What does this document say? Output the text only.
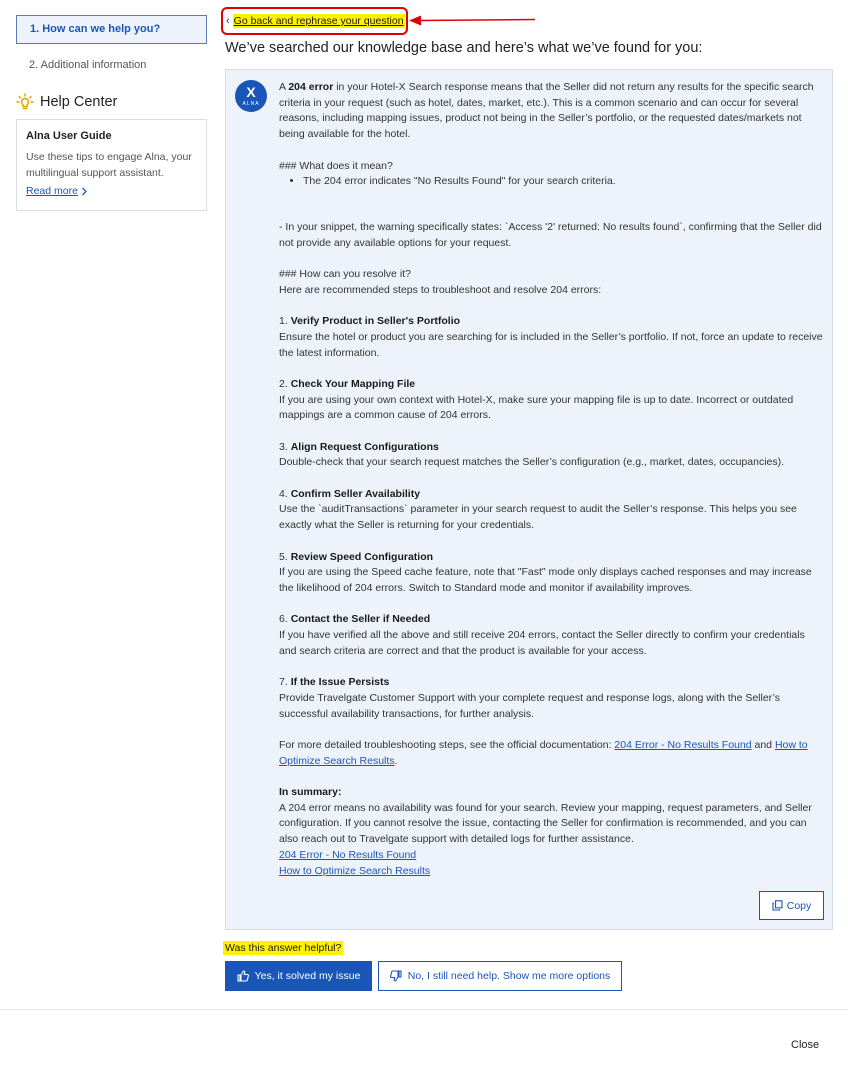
1. How can we help you?
2. Additional information
Help Center
Alna User Guide
Use these tips to engage Alna, your multilingual support assistant.
Read more
‹ Go back and rephrase your question
We’ve searched our knowledge base and here’s what we’ve found for you:
X
ALNA

A 204 error in your Hotel-X Search response means that the Seller did not return any results for the specific search criteria in your request (such as hotel, dates, market, etc.). This is a common scenario and can occur for several reasons, including mapping issues, product not being in the Seller’s portfolio, or the requested dates/markets not being available for the hotel.

### What does it mean?

• The 204 error indicates "No Results Found" for your search criteria.

- In your snippet, the warning specifically states: `Access '2' returned: No results found`, confirming that the Seller did not provide any available options for your request.

### How can you resolve it?

Here are recommended steps to troubleshoot and resolve 204 errors:

1. Verify Product in Seller's Portfolio

Ensure the hotel or product you are searching for is included in the Seller’s portfolio. If not, force an update to receive the latest information.

2. Check Your Mapping File

If you are using your own context with Hotel-X, make sure your mapping file is up to date. Incorrect or outdated mappings are a common cause of 204 errors.

3. Align Request Configurations

Double-check that your search request matches the Seller’s configuration (e.g., market, dates, occupancies).

4. Confirm Seller Availability

Use the `auditTransactions` parameter in your search request to audit the Seller’s response. This helps you see exactly what the Seller is returning for your credentials.

5. Review Speed Configuration

If you are using the Speed cache feature, note that "Fast" mode only displays cached responses and may increase the likelihood of 204 errors. Switch to Standard mode and monitor if availability improves.

6. Contact the Seller if Needed

If you have verified all the above and still receive 204 errors, contact the Seller directly to confirm your credentials and search criteria are correct and that the product is available for your access.

7. If the Issue Persists

Provide Travelgate Customer Support with your complete request and response logs, along with the Seller’s successful availability transactions, for further analysis.

For more detailed troubleshooting steps, see the official documentation: 204 Error - No Results Found and How to Optimize Search Results.

In summary:

A 204 error means no availability was found for your search. Review your mapping, request parameters, and Seller configuration. If you cannot resolve the issue, contacting the Seller for confirmation is recommended, and you can also reach out to Travelgate support with detailed logs for further assistance.

204 Error - No Results Found

How to Optimize Search Results

Copy
Was this answer helpful?
Yes, it solved my issue	No, I still need help. Show me more options
Close
